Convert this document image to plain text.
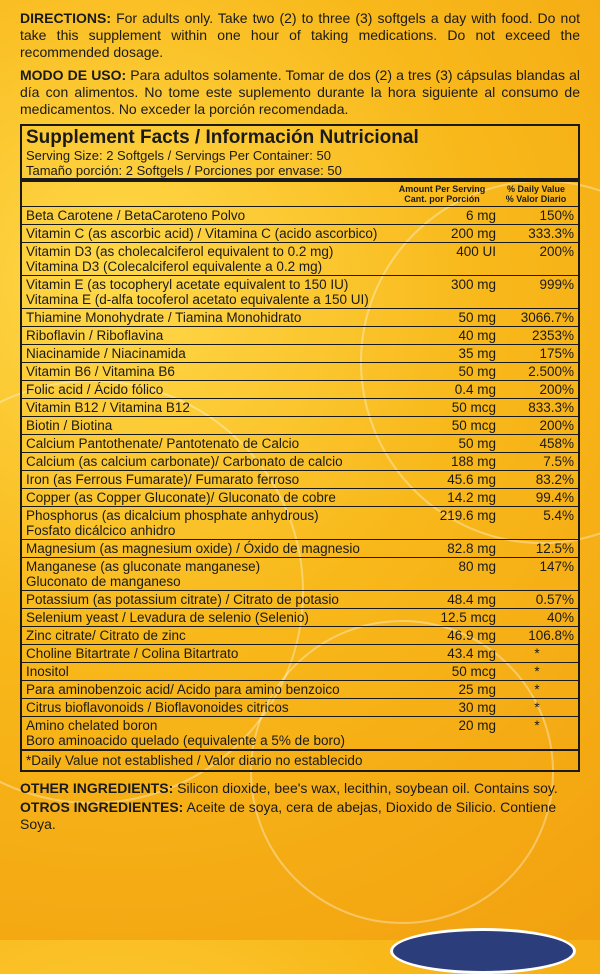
DIRECTIONS: For adults only. Take two (2) to three (3) softgels a day with food. Do not take this supplement within one hour of taking medications. Do not exceed the recommended dosage.

MODO DE USO: Para adultos solamente. Tomar de dos (2) a tres (3) cápsulas blandas al día con alimentos. No tome este suplemento durante la hora siguiente al consumo de medicamentos. No exceder la porción recomendada.

Supplement Facts / Información Nutricional
Serving Size: 2 Softgels / Servings Per Container: 50
Tamaño porción: 2 Softgels / Porciones por envase: 50
Amount Per Serving
Cant. por Porción
% Daily Value
% Valor Diario
Beta Carotene / BetaCaroteno Polvo	6 mg	150%
Vitamin C (as ascorbic acid) / Vitamina C (acido ascorbico)	200 mg	333.3%
Vitamin D3 (as cholecalciferol equivalent to 0.2 mg)
Vitamina D3 (Colecalciferol equivalente a 0.2 mg)
400 UI	200%
Vitamin E (as tocopheryl acetate equivalent to 150 IU)
Vitamina E (d-alfa tocoferol acetato equivalente a 150 UI)
300 mg	999%
Thiamine Monohydrate / Tiamina Monohidrato	50 mg	3066.7%
Riboflavin / Riboflavina	40 mg	2353%
Niacinamide / Niacinamida	35 mg	175%
Vitamin B6 / Vitamina B6	50 mg	2.500%
Folic acid / Ácido fólico	0.4 mg	200%
Vitamin B12 / Vitamina B12	50 mcg	833.3%
Biotin / Biotina	50 mcg	200%
Calcium Pantothenate/ Pantotenato de Calcio	50 mg	458%
Calcium (as calcium carbonate)/ Carbonato de calcio	188 mg	7.5%
Iron (as Ferrous Fumarate)/ Fumarato ferroso	45.6 mg	83.2%
Copper (as Copper Gluconate)/ Gluconato de cobre	14.2 mg	99.4%
Phosphorus (as dicalcium phosphate anhydrous)
Fosfato dicálcico anhidro
219.6 mg	5.4%
Magnesium (as magnesium oxide) / Óxido de magnesio	82.8 mg	12.5%
Manganese (as gluconate manganese)
Gluconato de manganeso
80 mg	147%
Potassium (as potassium citrate) / Citrato de potasio	48.4 mg	0.57%
Selenium yeast / Levadura de selenio (Selenio)	12.5 mcg	40%
Zinc citrate/ Citrato de zinc	46.9 mg	106.8%
Choline Bitartrate / Colina Bitartrato	43.4 mg	*
Inositol	50 mcg	*
Para aminobenzoic acid/ Acido para amino benzoico	25 mg	*
Citrus bioflavonoids / Bioflavonoides citricos	30 mg	*
Amino chelated boron
Boro aminoacido quelado (equivalente a 5% de boro)
20 mg	*
*Daily Value not established / Valor diario no establecido
OTHER INGREDIENTS: Silicon dioxide, bee's wax, lecithin, soybean oil. Contains soy.
OTROS INGREDIENTES: Aceite de soya, cera de abejas, Dioxido de Silicio. Contiene Soya.
